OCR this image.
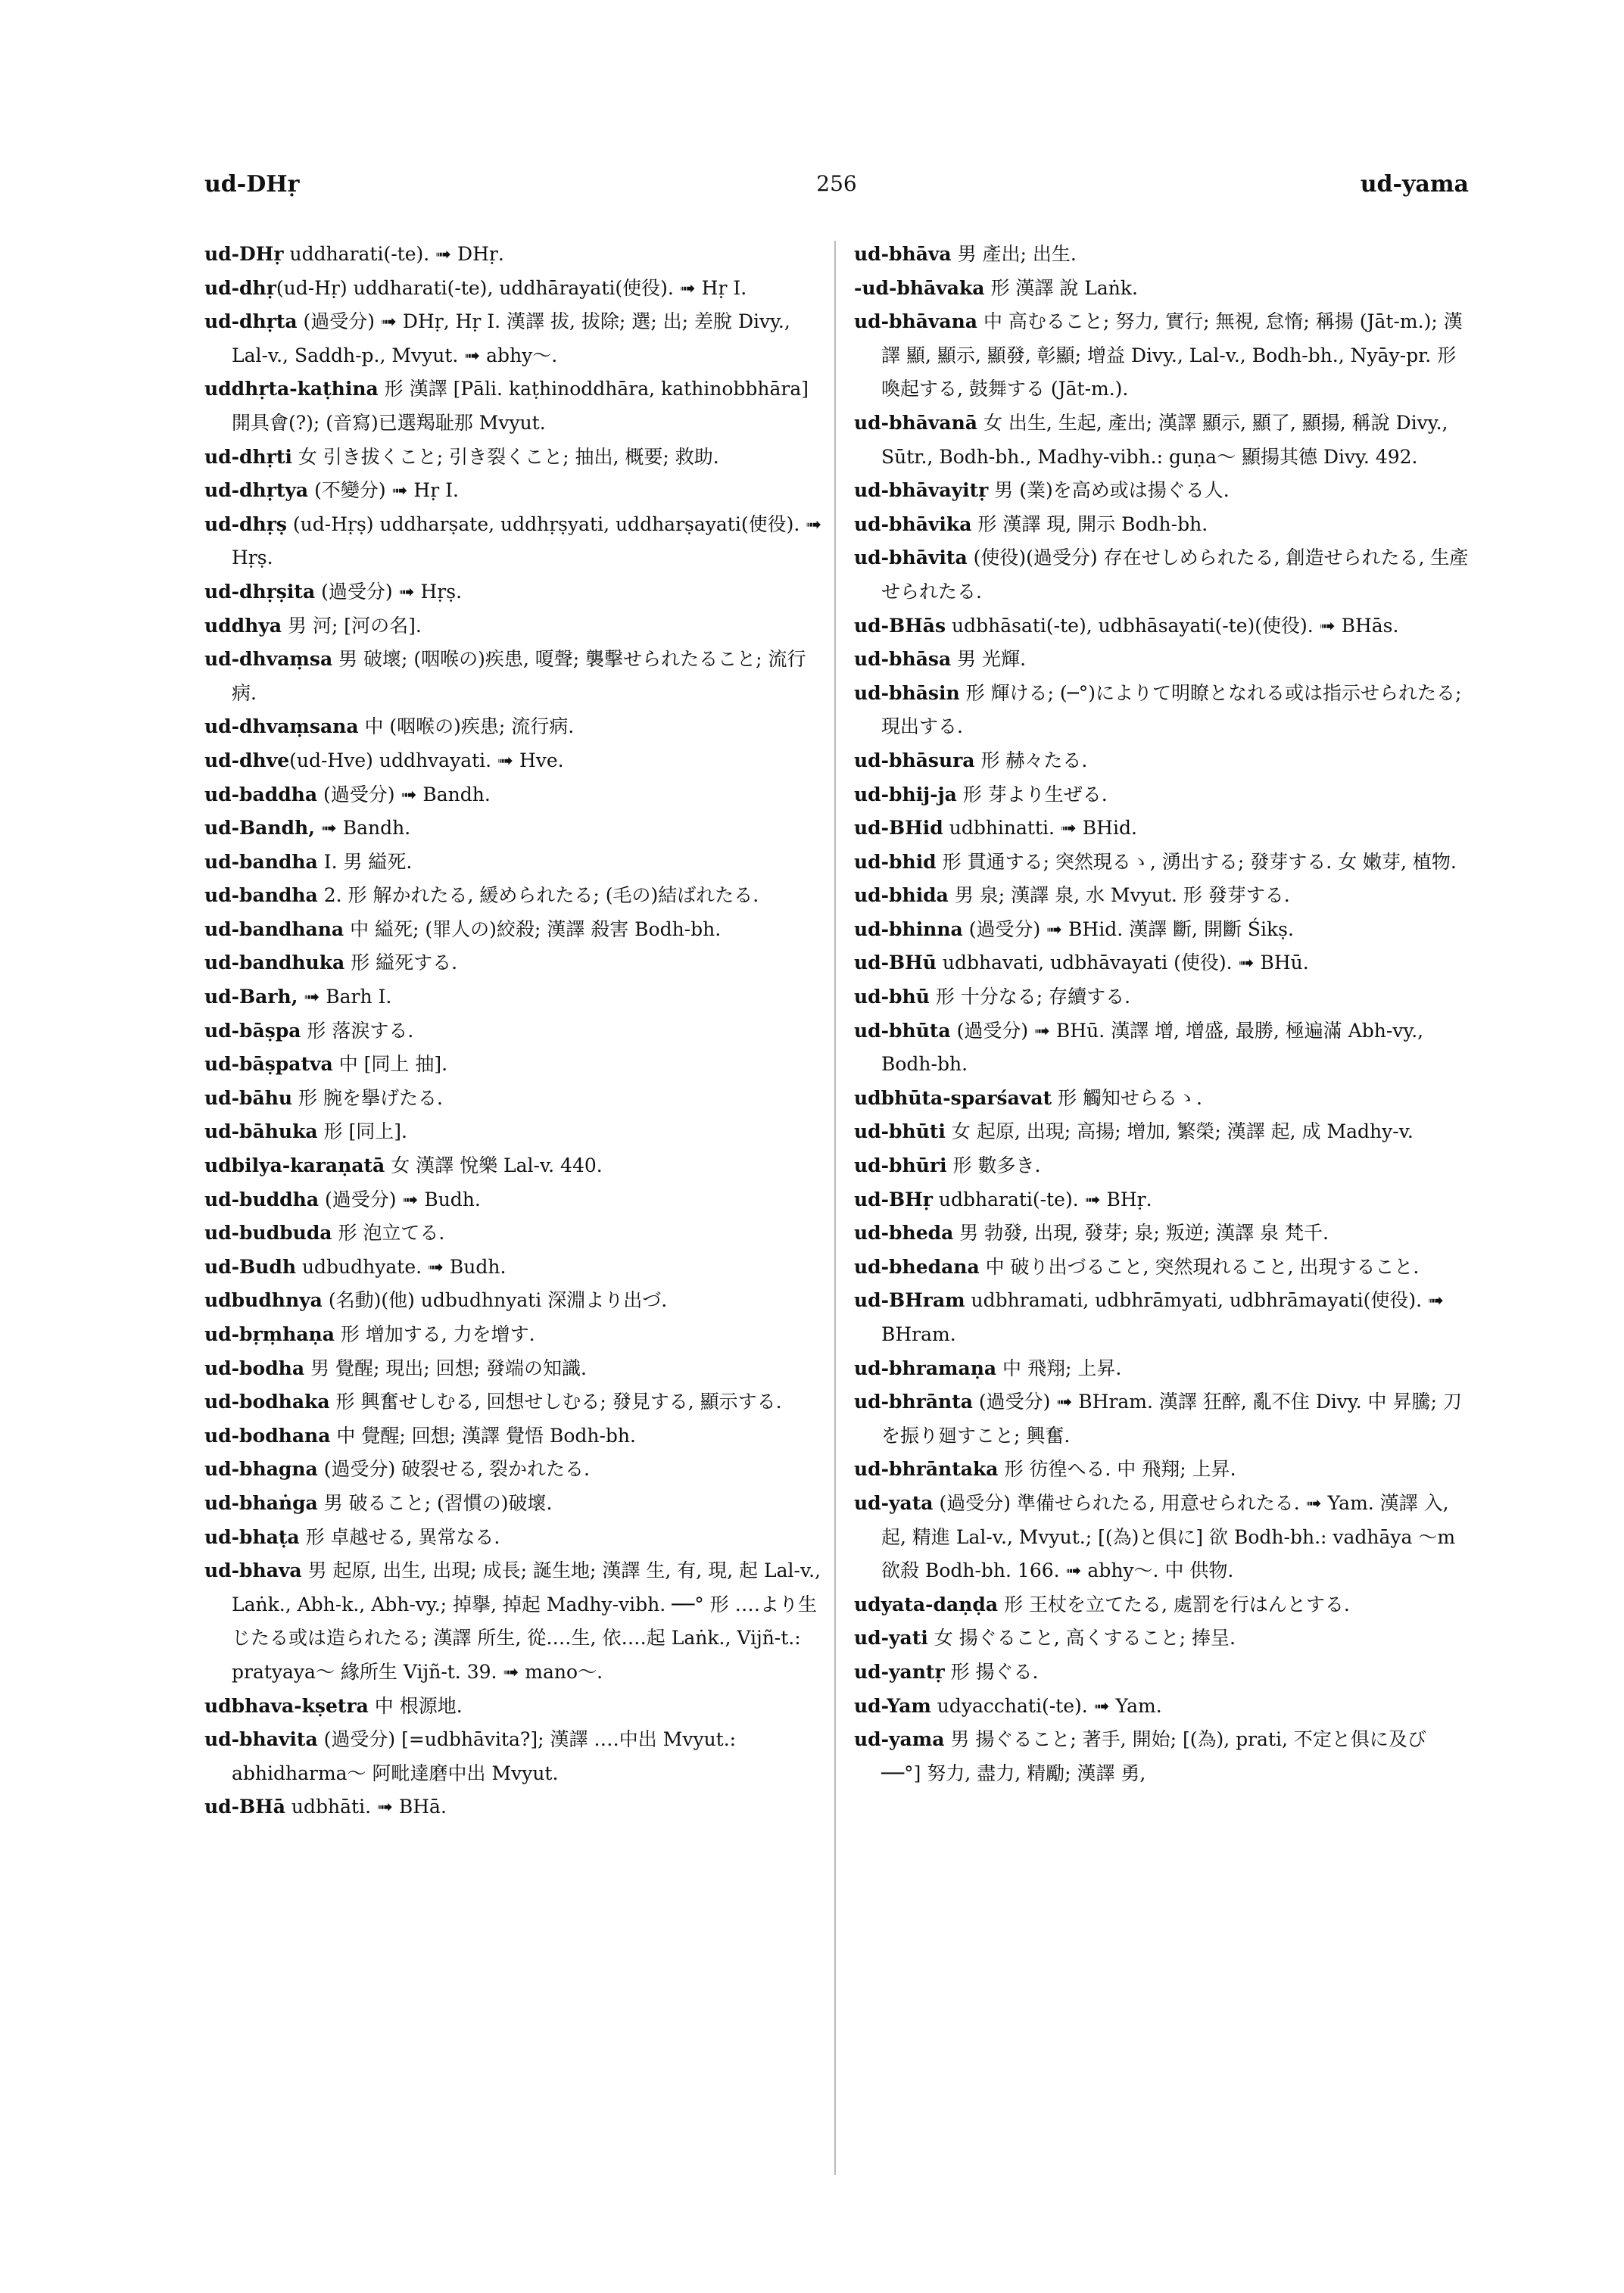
ud-DHṛ	256	ud-yama

ud-DHṛ uddharati(-te). ➟ DHṛ.

ud-dhṛ(ud-Hṛ) uddharati(-te), uddhārayati(使役). ➟ Hṛ I.

ud-dhṛta (過受分) ➟ DHṛ, Hṛ I. 漢譯 拔, 拔除; 選; 出; 差脫 Divy., Lal-v., Saddh-p., Mvyut. ➟ abhy〜.

uddhṛta-kaṭhina 形 漢譯 [Pāli. kaṭhinoddhāra, kathinobbhāra] 開具會(?); (音寫)已選羯耻那 Mvyut.

ud-dhṛti 女 引き拔くこと; 引き裂くこと; 抽出, 概要; 救助.

ud-dhṛtya (不變分) ➟ Hṛ I.

ud-dhṛṣ (ud-Hṛṣ) uddharṣate, uddhṛṣyati, uddharṣayati(使役). ➟ Hṛṣ.

ud-dhṛṣita (過受分) ➟ Hṛṣ.

uddhya 男 河; [河の名].

ud-dhvaṃsa 男 破壞; (咽喉の)疾患, 嗄聲; 襲擊せられたること; 流行病.

ud-dhvaṃsana 中 (咽喉の)疾患; 流行病.

ud-dhve(ud-Hve) uddhvayati. ➟ Hve.

ud-baddha (過受分) ➟ Bandh.

ud-Bandh, ➟ Bandh.

ud-bandha I. 男 縊死.

ud-bandha 2. 形 解かれたる, 緩められたる; (毛の)結ばれたる.

ud-bandhana 中 縊死; (罪人の)絞殺; 漢譯 殺害 Bodh-bh.

ud-bandhuka 形 縊死する.

ud-Barh, ➟ Barh I.

ud-bāṣpa 形 落涙する.

ud-bāṣpatva 中 [同上 抽].

ud-bāhu 形 腕を擧げたる.

ud-bāhuka 形 [同上].

udbilya-karaṇatā 女 漢譯 悅樂 Lal-v. 440.

ud-buddha (過受分) ➟ Budh.

ud-budbuda 形 泡立てる.

ud-Budh udbudhyate. ➟ Budh.

udbudhnya (名動)(他) udbudhnyati 深淵より出づ.

ud-bṛṃhaṇa 形 增加する, 力を增す.

ud-bodha 男 覺醒; 現出; 回想; 發端の知識.

ud-bodhaka 形 興奮せしむる, 回想せしむる; 發見する, 顯示する.

ud-bodhana 中 覺醒; 回想; 漢譯 覺悟 Bodh-bh.

ud-bhagna (過受分) 破裂せる, 裂かれたる.

ud-bhaṅga 男 破ること; (習慣の)破壞.

ud-bhaṭa 形 卓越せる, 異常なる.

ud-bhava 男 起原, 出生, 出現; 成長; 誕生地; 漢譯 生, 有, 現, 起 Lal-v., Laṅk., Abh-k., Abh-vy.; 掉擧, 掉起 Madhy-vibh. ──° 形 ‥‥より生じたる或は造られたる; 漢譯 所生, 從‥‥生, 依‥‥起 Laṅk., Vijñ-t.: pratyaya〜 緣所生 Vijñ-t. 39. ➟ mano〜.

udbhava-kṣetra 中 根源地.

ud-bhavita (過受分) [=udbhāvita?]; 漢譯 ‥‥中出 Mvyut.: abhidharma〜 阿毗達磨中出 Mvyut.

ud-BHā udbhāti. ➟ BHā.

ud-bhāva 男 產出; 出生.

-ud-bhāvaka 形 漢譯 說 Laṅk.

ud-bhāvana 中 高むること; 努力, 實行; 無視, 怠惰; 稱揚 (Jāt-m.); 漢譯 顯, 顯示, 顯發, 彰顯; 增益 Divy., Lal-v., Bodh-bh., Nyāy-pr. 形 喚起する, 鼓舞する (Jāt-m.).

ud-bhāvanā 女 出生, 生起, 產出; 漢譯 顯示, 顯了, 顯揚, 稱說 Divy., Sūtr., Bodh-bh., Madhy-vibh.: guṇa〜 顯揚其德 Divy. 492.

ud-bhāvayitṛ 男 (業)を高め或は揚ぐる人.

ud-bhāvika 形 漢譯 現, 開示 Bodh-bh.

ud-bhāvita (使役)(過受分) 存在せしめられたる, 創造せられたる, 生產せられたる.

ud-BHās udbhāsati(-te), udbhāsayati(-te)(使役). ➟ BHās.

ud-bhāsa 男 光輝.

ud-bhāsin 形 輝ける; (─°)によりて明瞭となれる或は指示せられたる; 現出する.

ud-bhāsura 形 赫々たる.

ud-bhij-ja 形 芽より生ぜる.

ud-BHid udbhinatti. ➟ BHid.

ud-bhid 形 貫通する; 突然現るゝ, 湧出する; 發芽する. 女 嫩芽, 植物.

ud-bhida 男 泉; 漢譯 泉, 水 Mvyut. 形 發芽する.

ud-bhinna (過受分) ➟ BHid. 漢譯 斷, 開斷 Śikṣ.

ud-BHū udbhavati, udbhāvayati (使役). ➟ BHū.

ud-bhū 形 十分なる; 存續する.

ud-bhūta (過受分) ➟ BHū. 漢譯 增, 增盛, 最勝, 極遍滿 Abh-vy., Bodh-bh.

udbhūta-sparśavat 形 觸知せらるゝ.

ud-bhūti 女 起原, 出現; 高揚; 增加, 繁榮; 漢譯 起, 成 Madhy-v.

ud-bhūri 形 數多き.

ud-BHṛ udbharati(-te). ➟ BHṛ.

ud-bheda 男 勃發, 出現, 發芽; 泉; 叛逆; 漢譯 泉 梵千.

ud-bhedana 中 破り出づること, 突然現れること, 出現すること.

ud-BHram udbhramati, udbhrāmyati, udbhrāmayati(使役). ➟ BHram.

ud-bhramaṇa 中 飛翔; 上昇.

ud-bhrānta (過受分) ➟ BHram. 漢譯 狂醉, 亂不住 Divy. 中 昇騰; 刀を振り廻すこと; 興奮.

ud-bhrāntaka 形 彷徨へる. 中 飛翔; 上昇.

ud-yata (過受分) 準備せられたる, 用意せられたる. ➟ Yam. 漢譯 入, 起, 精進 Lal-v., Mvyut.; [(為)と俱に] 欲 Bodh-bh.: vadhāya 〜m 欲殺 Bodh-bh. 166. ➟ abhy〜. 中 供物.

udyata-daṇḍa 形 王杖を立てたる, 處罰を行はんとする.

ud-yati 女 揚ぐること, 高くすること; 捧呈.

ud-yantṛ 形 揚ぐる.

ud-Yam udyacchati(-te). ➟ Yam.

ud-yama 男 揚ぐること; 著手, 開始; [(為), prati, 不定と俱に及び ──°] 努力, 盡力, 精勵; 漢譯 勇,
